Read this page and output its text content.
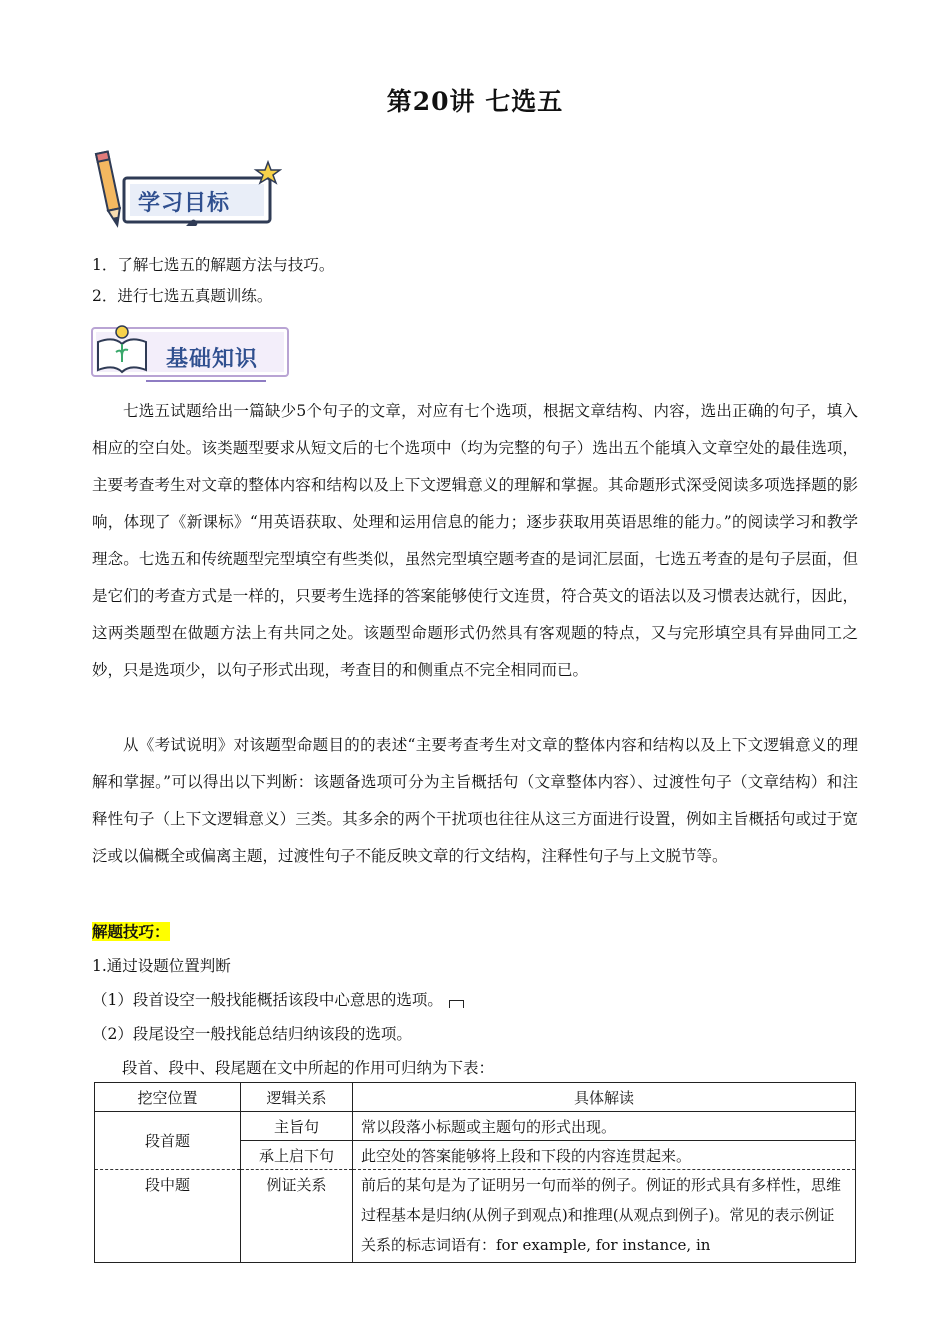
第20讲 七选五
学习目标
1．了解七选五的解题方法与技巧。
2．进行七选五真题训练。
基础知识

七选五试题给出一篇缺少5个句子的文章，对应有七个选项，根据文章结构、内容，选出正确的句子，填入相应的空白处。该类题型要求从短文后的七个选项中（均为完整的句子）选出五个能填入文章空处的最佳选项，主要考查考生对文章的整体内容和结构以及上下文逻辑意义的理解和掌握。其命题形式深受阅读多项选择题的影响，体现了《新课标》“用英语获取、处理和运用信息的能力；逐步获取用英语思维的能力。”的阅读学习和教学理念。七选五和传统题型完型填空有些类似，虽然完型填空题考查的是词汇层面，七选五考查的是句子层面，但是它们的考查方式是一样的，只要考生选择的答案能够使行文连贯，符合英文的语法以及习惯表达就行，因此，这两类题型在做题方法上有共同之处。该题型命题形式仍然具有客观题的特点，又与完形填空具有异曲同工之妙，只是选项少，以句子形式出现，考查目的和侧重点不完全相同而已。

从《考试说明》对该题型命题目的的表述“主要考查考生对文章的整体内容和结构以及上下文逻辑意义的理解和掌握。”可以得出以下判断：该题备选项可分为主旨概括句（文章整体内容）、过渡性句子（文章结构）和注释性句子（上下文逻辑意义）三类。其多余的两个干扰项也往往从这三方面进行设置，例如主旨概括句或过于宽泛或以偏概全或偏离主题，过渡性句子不能反映文章的行文结构，注释性句子与上文脱节等。

解题技巧：
1.通过设题位置判断
（1）段首设空一般找能概括该段中心意思的选项。
（2）段尾设空一般找能总结归纳该段的选项。
段首、段中、段尾题在文中所起的作用可归纳为下表：
挖空位置	逻辑关系	具体解读
段首题	主旨句	常以段落小标题或主题句的形式出现。
	承上启下句	此空处的答案能够将上段和下段的内容连贯起来。
段中题	例证关系	前后的某句是为了证明另一句而举的例子。例证的形式具有多样性，思维过程基本是归纳(从例子到观点)和推理(从观点到例子)。常见的表示例证关系的标志词语有：for example, for instance, in
